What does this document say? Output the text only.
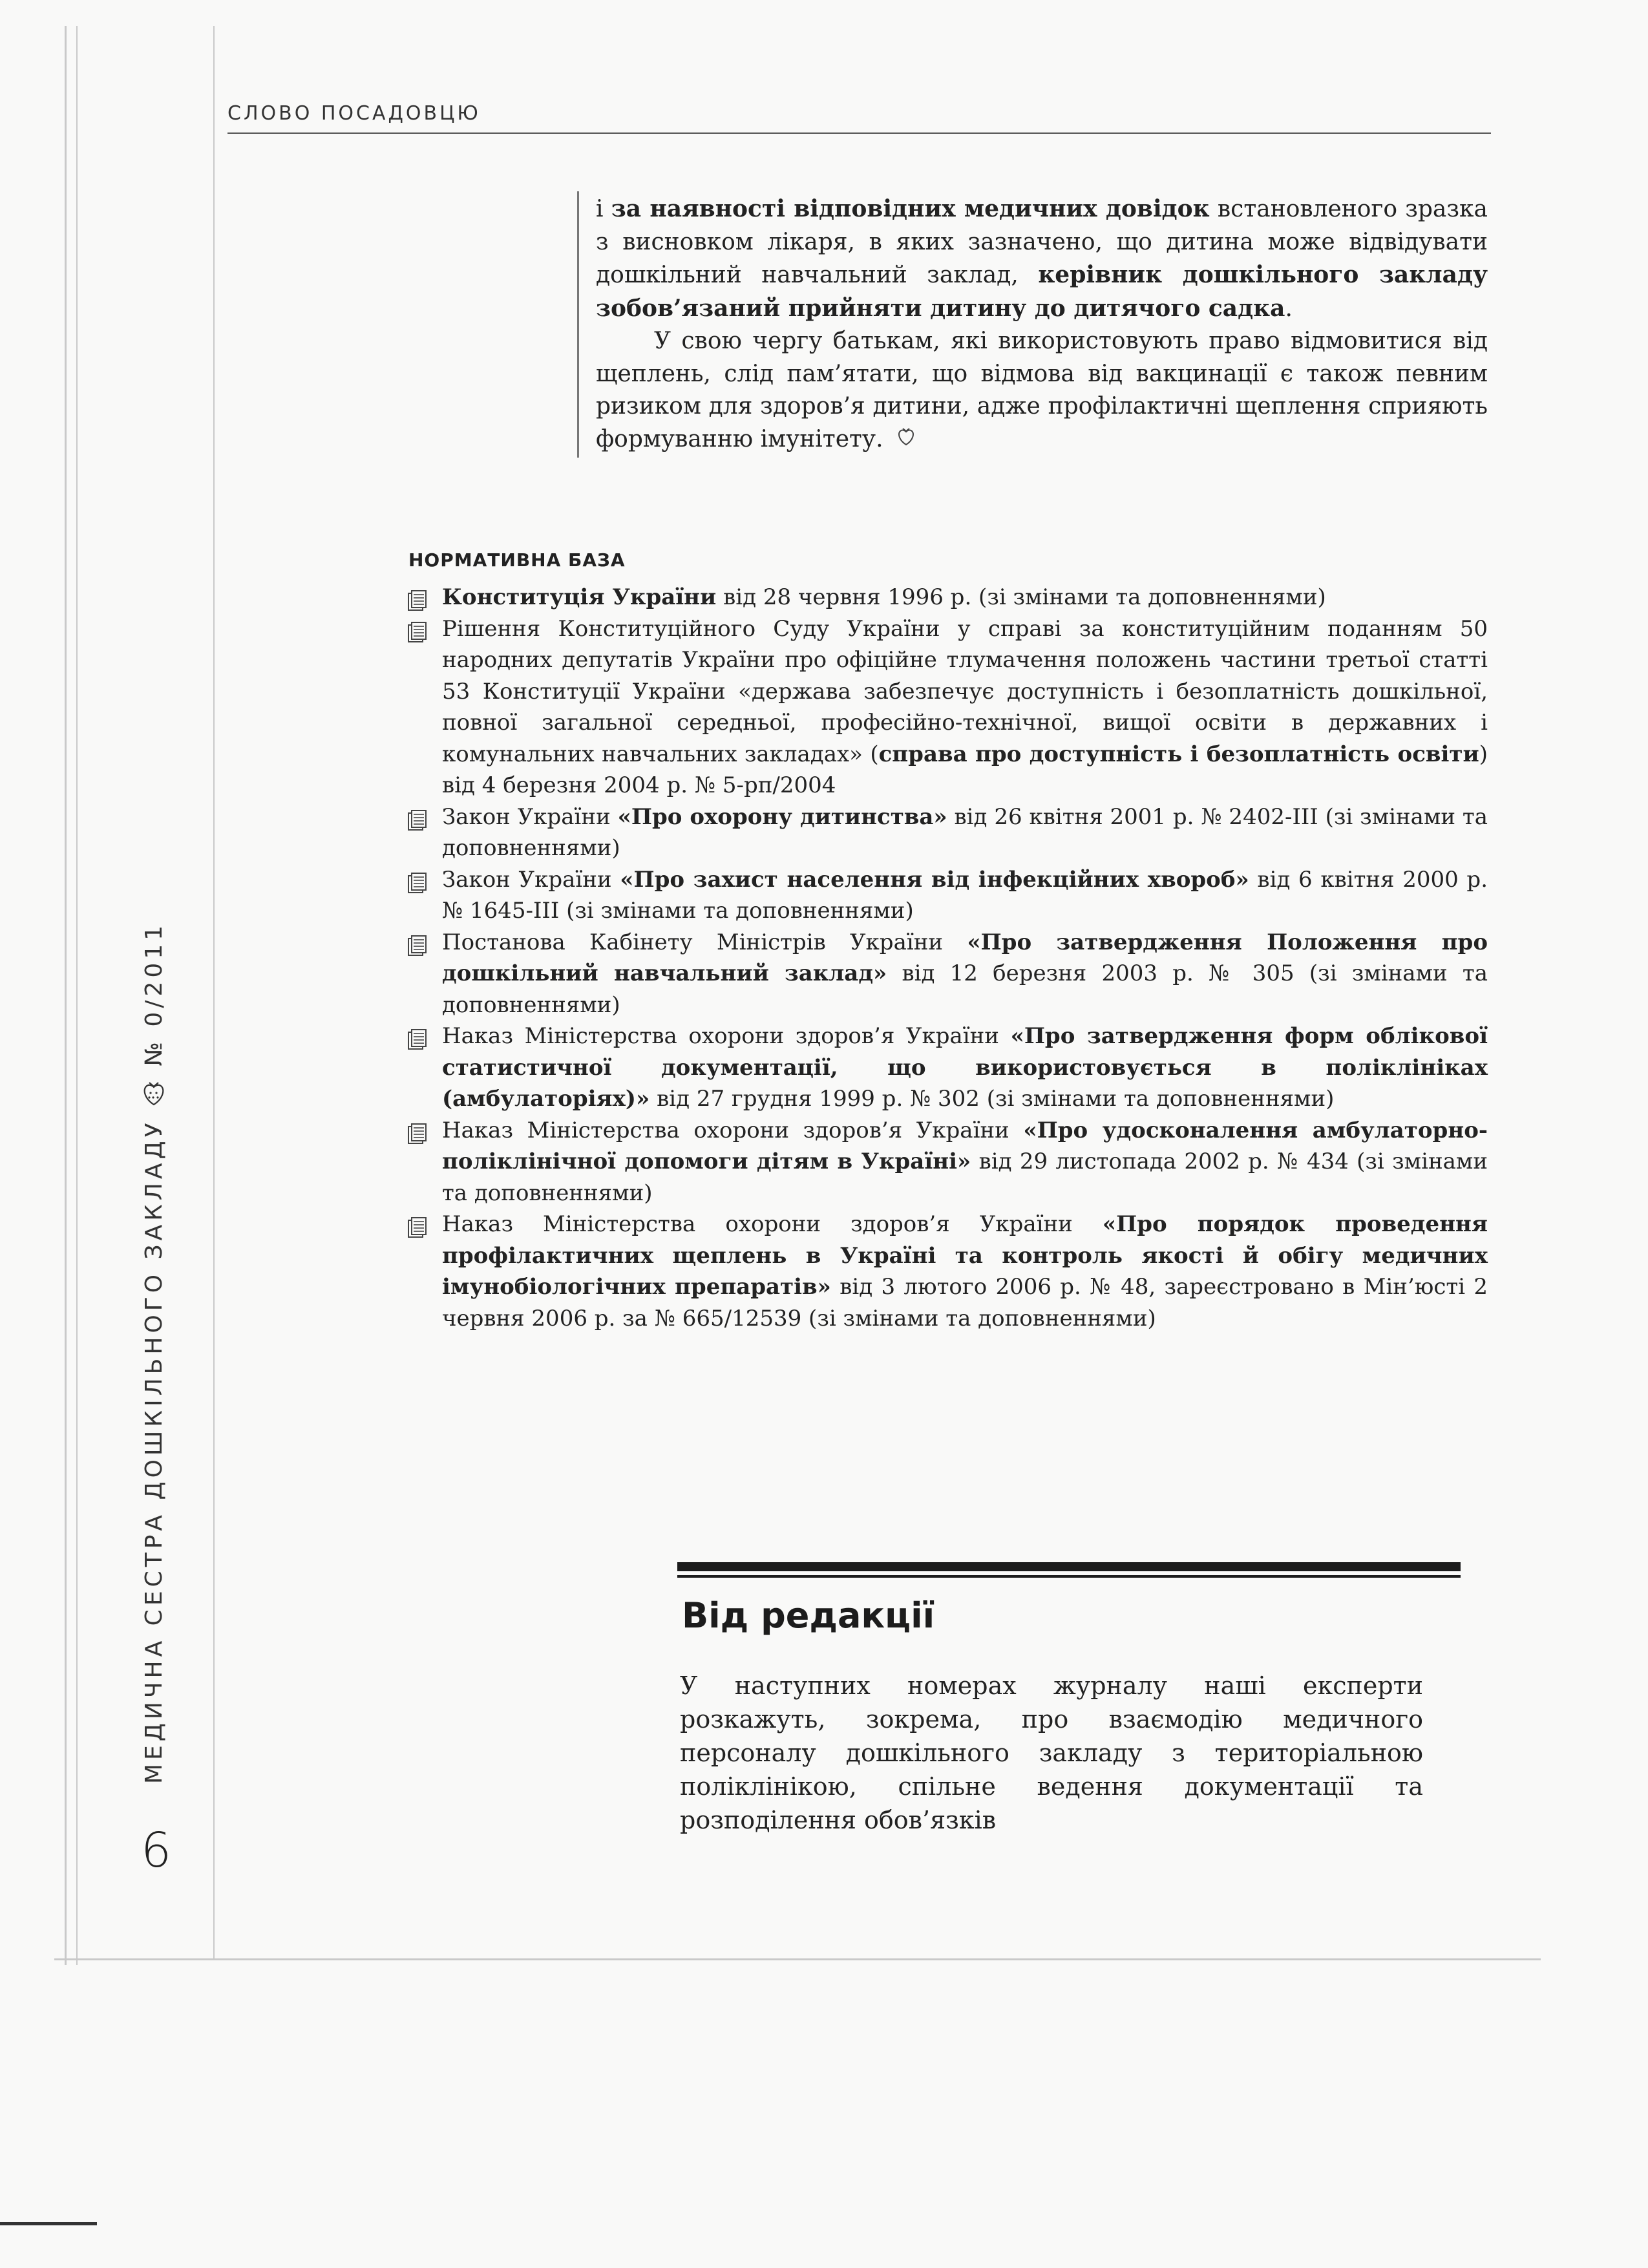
СЛОВО ПОСАДОВЦЮ

і за наявності відповідних медичних довідок встановленого зразка з висновком лікаря, в яких зазначено, що дитина може відвідувати дошкільний навчальний заклад, керівник дошкільного закладу зобов’язаний прийняти дитину до дитячого садка.

У свою чергу батькам, які використовують право відмовитися від щеплень, слід пам’ятати, що відмова від вакцинації є також певним ризиком для здоров’я дитини, адже профілактичні щеплення сприяють формуванню імунітету.

НОРМАТИВНА БАЗА
Конституція України від 28 червня 1996 р. (зі змінами та доповненнями)
Рішення Конституційного Суду України у справі за конституційним поданням 50 народних депутатів України про офіційне тлумачення положень частини третьої статті 53 Конституції України «держава забезпечує доступність і безоплатність дошкільної, повної загальної середньої, професійно-технічної, вищої освіти в державних і комунальних навчальних закладах» (справа про доступність і безоплатність освіти) від 4 березня 2004 р. № 5-рп/2004
Закон України «Про охорону дитинства» від 26 квітня 2001 р. № 2402-III (зі змінами та доповненнями)
Закон України «Про захист населення від інфекційних хвороб» від 6 квітня 2000 р. № 1645-III (зі змінами та доповненнями)
Постанова Кабінету Міністрів України «Про затвердження Положення про дошкільний навчальний заклад» від 12 березня 2003 р. № 305 (зі змінами та доповненнями)
Наказ Міністерства охорони здоров’я України «Про затвердження форм облікової статистичної документації, що використовується в поліклініках (амбулаторіях)» від 27 грудня 1999 р. № 302 (зі змінами та доповненнями)
Наказ Міністерства охорони здоров’я України «Про удосконалення амбулаторно-поліклінічної допомоги дітям в Україні» від 29 листопада 2002 р. № 434 (зі змінами та доповненнями)
Наказ Міністерства охорони здоров’я України «Про порядок проведення профілактичних щеплень в Україні та контроль якості й обігу медичних імунобіологічних препаратів» від 3 лютого 2006 р. № 48, зареєстровано в Мін’юсті 2 червня 2006 р. за № 665/12539 (зі змінами та доповненнями)
МЕДИЧНА СЕСТРА ДОШКІЛЬНОГО ЗАКЛАДУ
№ 0/2011
6
Від редакції

У наступних номерах журналу наші експерти розкажуть, зокрема, про взаємодію медичного персоналу дошкільного закладу з територіальною поліклінікою, спільне ведення документації та розподілення обов’язків
